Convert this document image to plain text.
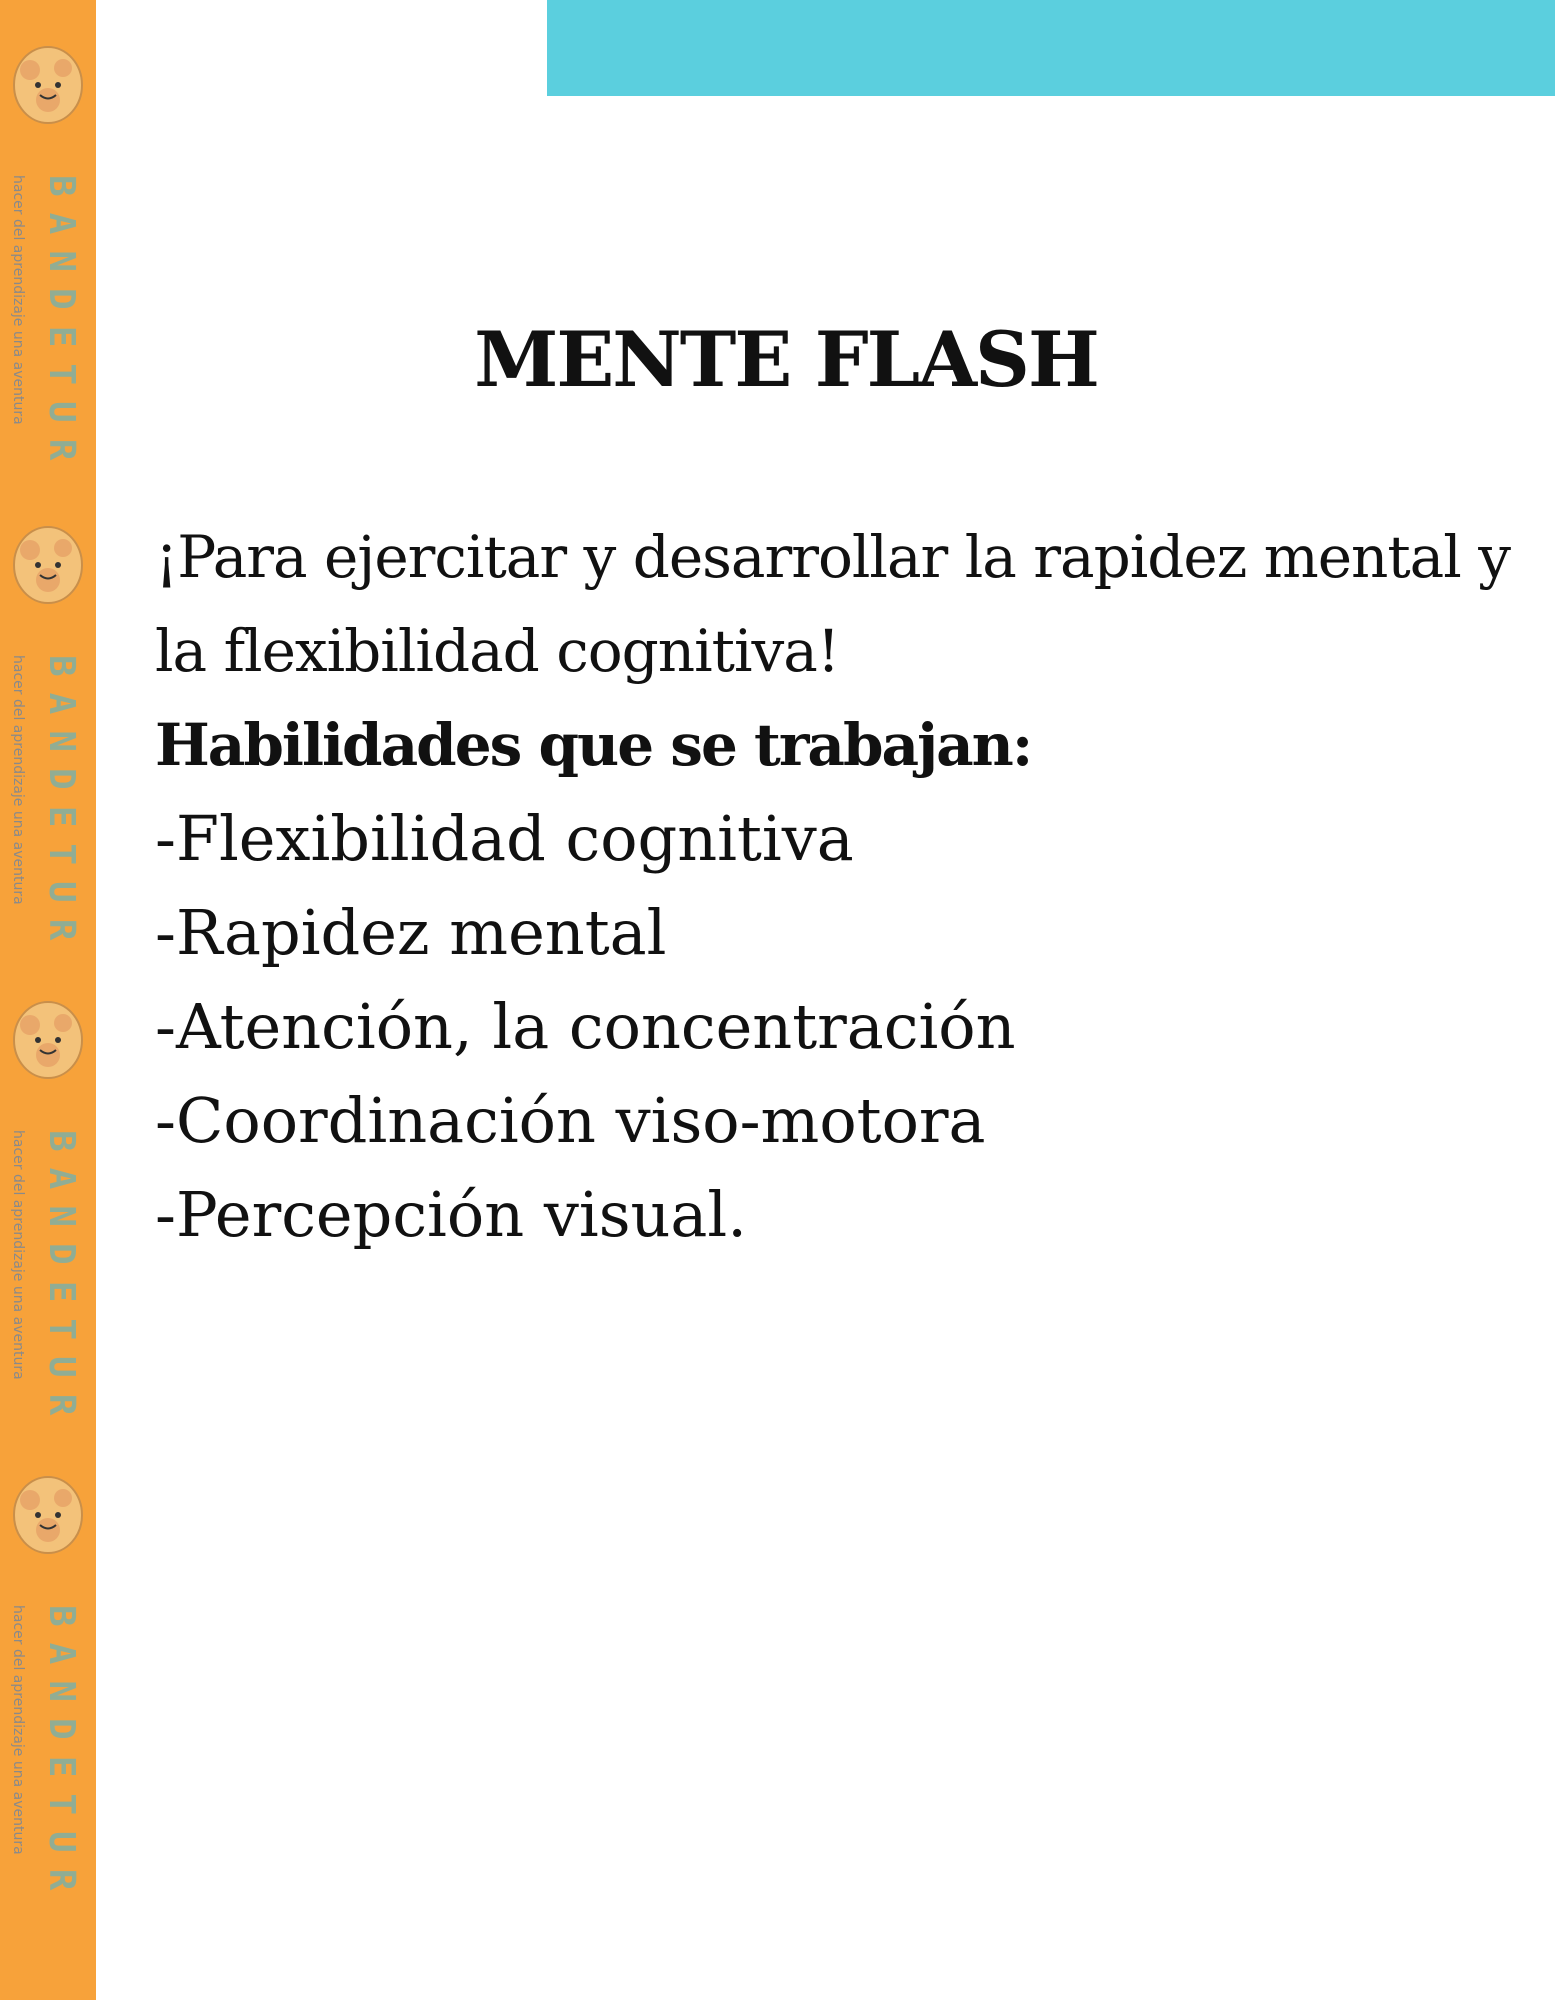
hacer del aprendizaje una aventura BANDETUR
hacer del aprendizaje una aventura BANDETUR
hacer del aprendizaje una aventura BANDETUR
hacer del aprendizaje una aventura BANDETUR
MENTE FLASH

¡Para ejercitar y desarrollar la rapidez mental y la flexibilidad cognitiva!

Habilidades que se trabajan:

-Flexibilidad cognitiva

-Rapidez mental

-Atención, la concentración

-Coordinación viso-motora

-Percepción visual.
